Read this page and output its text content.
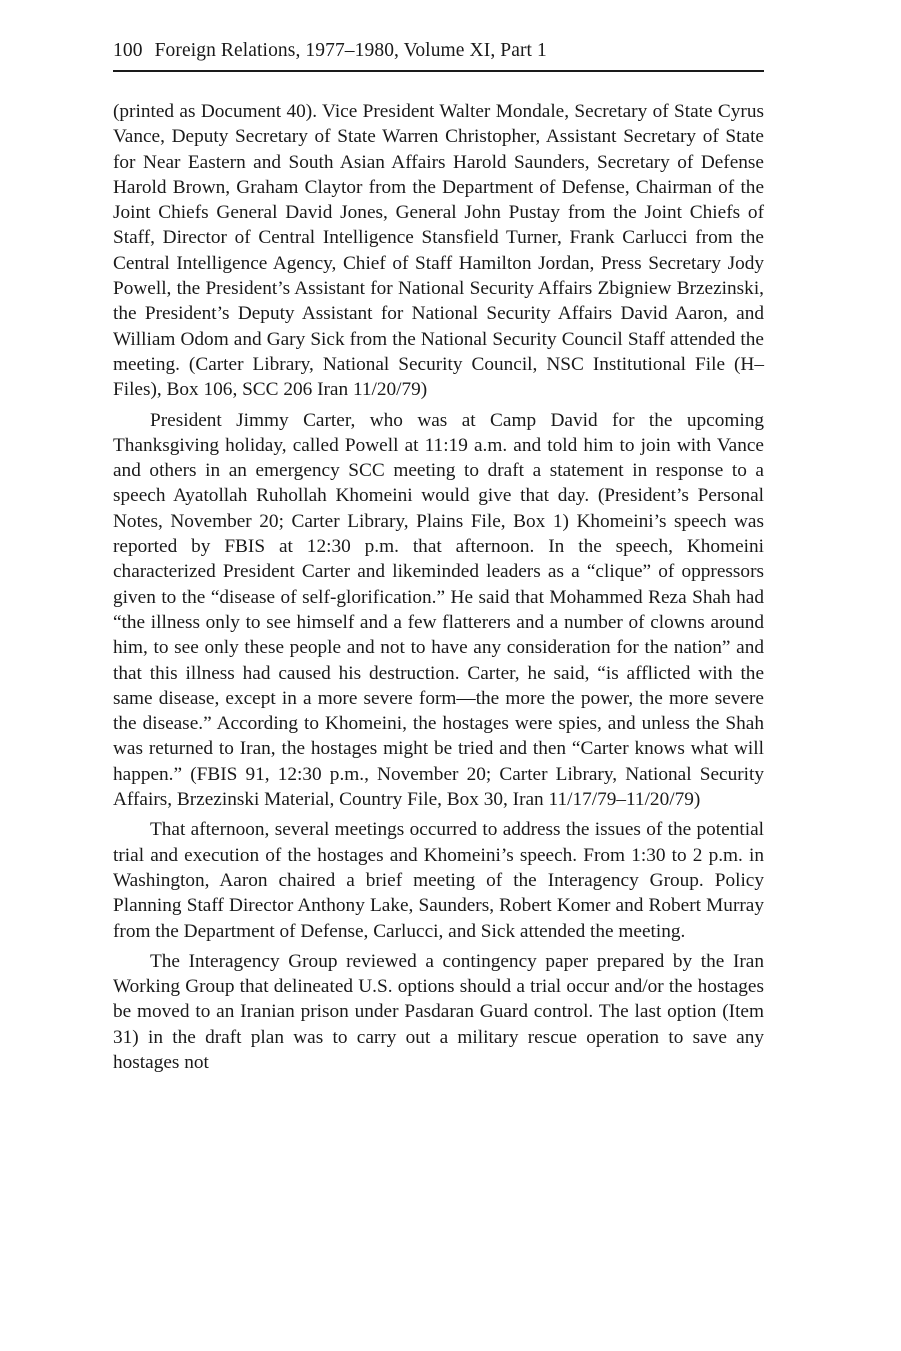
100 Foreign Relations, 1977–1980, Volume XI, Part 1

(printed as Document 40). Vice President Walter Mondale, Secretary of State Cyrus Vance, Deputy Secretary of State Warren Christopher, Assistant Secretary of State for Near Eastern and South Asian Affairs Harold Saunders, Secretary of Defense Harold Brown, Graham Claytor from the Department of Defense, Chairman of the Joint Chiefs General David Jones, General John Pustay from the Joint Chiefs of Staff, Director of Central Intelligence Stansfield Turner, Frank Carlucci from the Central Intelligence Agency, Chief of Staff Hamilton Jordan, Press Secretary Jody Powell, the President’s Assistant for National Security Affairs Zbigniew Brzezinski, the President’s Deputy Assistant for National Security Affairs David Aaron, and William Odom and Gary Sick from the National Security Council Staff attended the meeting. (Carter Library, National Security Council, NSC Institutional File (H–Files), Box 106, SCC 206 Iran 11/20/79)

President Jimmy Carter, who was at Camp David for the upcoming Thanksgiving holiday, called Powell at 11:19 a.m. and told him to join with Vance and others in an emergency SCC meeting to draft a statement in response to a speech Ayatollah Ruhollah Khomeini would give that day. (President’s Personal Notes, November 20; Carter Library, Plains File, Box 1) Khomeini’s speech was reported by FBIS at 12:30 p.m. that afternoon. In the speech, Khomeini characterized President Carter and likeminded leaders as a “clique” of oppressors given to the “disease of self-glorification.” He said that Mohammed Reza Shah had “the illness only to see himself and a few flatterers and a number of clowns around him, to see only these people and not to have any consideration for the nation” and that this illness had caused his destruction. Carter, he said, “is afflicted with the same disease, except in a more severe form—the more the power, the more severe the disease.” According to Khomeini, the hostages were spies, and unless the Shah was returned to Iran, the hostages might be tried and then “Carter knows what will happen.” (FBIS 91, 12:30 p.m., November 20; Carter Library, National Security Affairs, Brzezinski Material, Country File, Box 30, Iran 11/17/79–11/20/79)

That afternoon, several meetings occurred to address the issues of the potential trial and execution of the hostages and Khomeini’s speech. From 1:30 to 2 p.m. in Washington, Aaron chaired a brief meeting of the Interagency Group. Policy Planning Staff Director Anthony Lake, Saunders, Robert Komer and Robert Murray from the Department of Defense, Carlucci, and Sick attended the meeting.

The Interagency Group reviewed a contingency paper prepared by the Iran Working Group that delineated U.S. options should a trial occur and/or the hostages be moved to an Iranian prison under Pasdaran Guard control. The last option (Item 31) in the draft plan was to carry out a military rescue operation to save any hostages not
